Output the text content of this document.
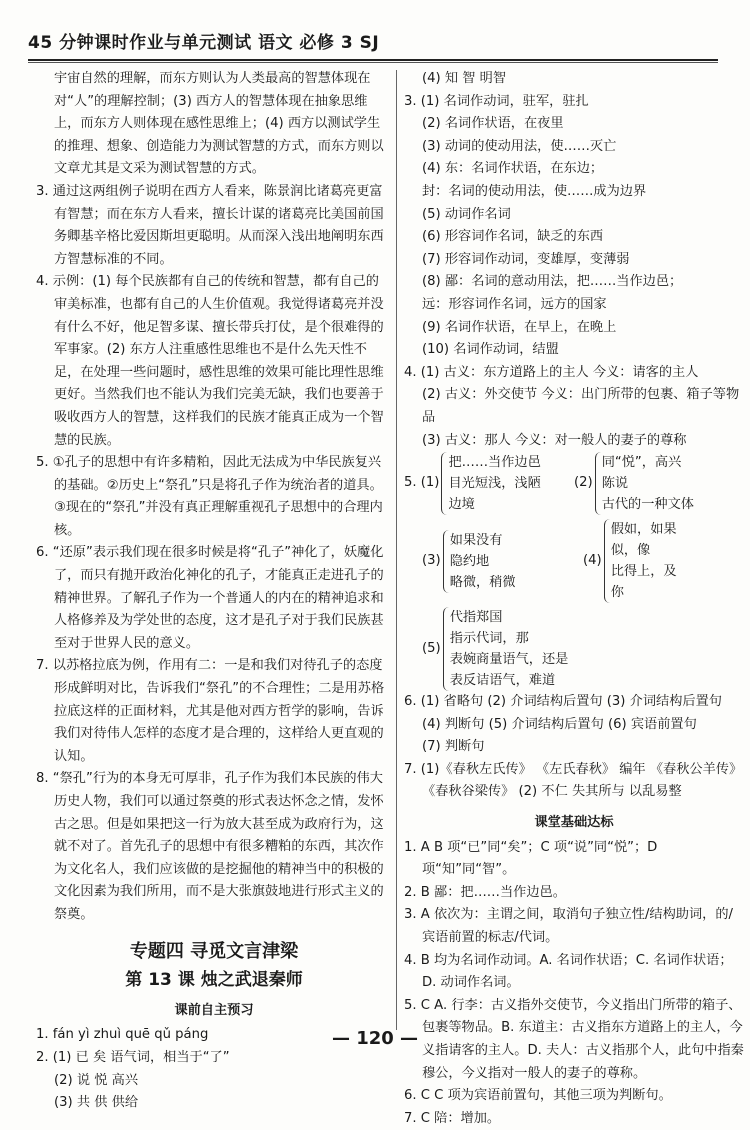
45 分钟课时作业与单元测试 语文 必修 3 SJ

宇宙自然的理解，而东方则认为人类最高的智慧体现在对“人”的理解控制；(3) 西方人的智慧体现在抽象思维上，而东方人则体现在感性思维上；(4) 西方以测试学生的推理、想象、创造能力为测试智慧的方式，而东方则以文章尤其是文采为测试智慧的方式。

3. 通过这两组例子说明在西方人看来，陈景润比诸葛亮更富有智慧；而在东方人看来，擅长计谋的诸葛亮比美国前国务卿基辛格比爱因斯坦更聪明。从而深入浅出地阐明东西方智慧标准的不同。

4. 示例：(1) 每个民族都有自己的传统和智慧，都有自己的审美标准，也都有自己的人生价值观。我觉得诸葛亮并没有什么不好，他足智多谋、擅长带兵打仗，是个很难得的军事家。(2) 东方人注重感性思维也不是什么先天性不足，在处理一些问题时，感性思维的效果可能比理性思维更好。当然我们也不能认为我们完美无缺，我们也要善于吸收西方人的智慧，这样我们的民族才能真正成为一个智慧的民族。

5. ①孔子的思想中有许多精粕，因此无法成为中华民族复兴的基础。②历史上“祭孔”只是将孔子作为统治者的道具。③现在的“祭孔”并没有真正理解重视孔子思想中的合理内核。

6. “还原”表示我们现在很多时候是将“孔子”神化了，妖魔化了，而只有抛开政治化神化的孔子，才能真正走进孔子的精神世界。了解孔子作为一个普通人的内在的精神追求和人格修养及为学处世的态度，这才是孔子对于我们民族甚至对于世界人民的意义。

7. 以苏格拉底为例，作用有二：一是和我们对待孔子的态度形成鲜明对比，告诉我们“祭孔”的不合理性；二是用苏格拉底这样的正面材料，尤其是他对西方哲学的影响，告诉我们对待伟人怎样的态度才是合理的，这样给人更直观的认知。

8. “祭孔”行为的本身无可厚非，孔子作为我们本民族的伟大历史人物，我们可以通过祭奠的形式表达怀念之情，发怀古之思。但是如果把这一行为放大甚至成为政府行为，这就不对了。首先孔子的思想中有很多糟粕的东西，其次作为文化名人，我们应该做的是挖掘他的精神当中的积极的文化因素为我们所用，而不是大张旗鼓地进行形式主义的祭奠。

专题四 寻觅文言津梁
第 13 课 烛之武退秦师
课前自主预习

1. fán yì zhuì quē qǔ páng

2. (1) 已 矣 语气词，相当于“了”

(2) 说 悦 高兴

(3) 共 供 供给

(4) 知 智 明智

3. (1) 名词作动词，驻军，驻扎

(2) 名词作状语，在夜里

(3) 动词的使动用法，使……灭亡

(4) 东：名词作状语，在东边；

封：名词的使动用法，使……成为边界

(5) 动词作名词

(6) 形容词作名词，缺乏的东西

(7) 形容词作动词，变雄厚，变薄弱

(8) 鄙：名词的意动用法，把……当作边邑；

远：形容词作名词，远方的国家

(9) 名词作状语，在早上，在晚上

(10) 名词作动词，结盟

4. (1) 古义：东方道路上的主人 今义：请客的主人

(2) 古义：外交使节 今义：出门所带的包裹、箱子等物品

(3) 古义：那人 今义：对一般人的妻子的尊称

5. (1)
把……当作边邑
目光短浅，浅陋
边境
(2)
同“悦”，高兴
陈说
古代的一种文体
(3)
如果没有
隐约地
略微，稍微
(4)
假如，如果
似，像
比得上，及
你
(5)
代指郑国
指示代词，那
表婉商量语气，还是
表反诘语气，难道

6. (1) 省略句 (2) 介词结构后置句 (3) 介词结构后置句

(4) 判断句 (5) 介词结构后置句 (6) 宾语前置句

(7) 判断句

7. (1)《春秋左氏传》 《左氏春秋》 编年 《春秋公羊传》

《春秋谷梁传》 (2) 不仁 失其所与 以乱易整

课堂基础达标

1. A B 项“已”同“矣”；C 项“说”同“悦”；D 项“知”同“智”。

2. B 鄙：把……当作边邑。

3. A 依次为：主谓之间，取消句子独立性/结构助词，的/宾语前置的标志/代词。

4. B 均为名词作动词。A. 名词作状语；C. 名词作状语；D. 动词作名词。

5. C A. 行李：古义指外交使节，今义指出门所带的箱子、包裹等物品。B. 东道主：古义指东方道路上的主人，今义指请客的主人。D. 夫人：古义指那个人，此句中指秦穆公，今义指对一般人的妻子的尊称。

6. C C 项为宾语前置句，其他三项为判断句。

7. C 陪：增加。

— 120 —
